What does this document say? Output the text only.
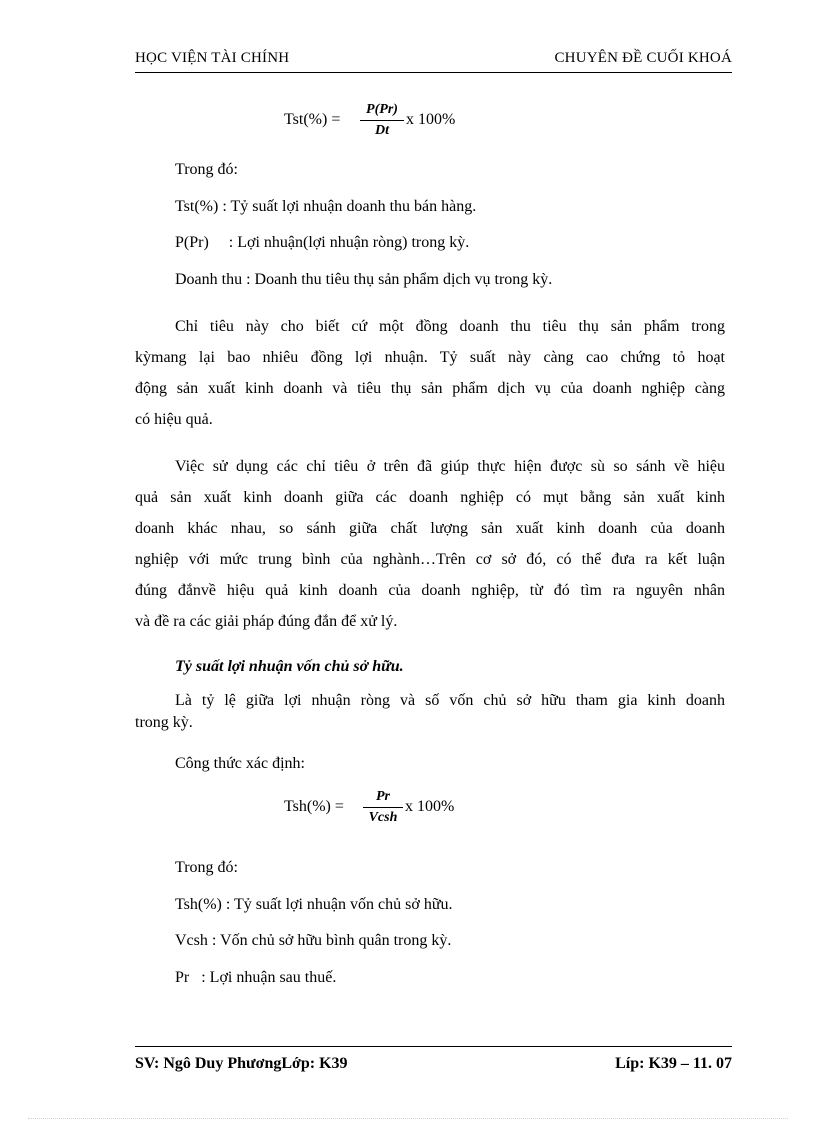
HỌC VIỆN TÀI CHÍNH	CHUYÊN ĐỀ CUỐI KHOÁ
Tst(%) =
P(Pr)
Dt
x 100%
Trong đó:
Tst(%) : Tỷ suất lợi nhuận doanh thu bán hàng.
P(Pr) : Lợi nhuận(lợi nhuận ròng) trong kỳ.
Doanh thu : Doanh thu tiêu thụ sản phẩm dịch vụ trong kỳ.
Chỉ tiêu này cho biết cứ một đồng doanh thu tiêu thụ sản phẩm trong
kỳmang lại bao nhiêu đồng lợi nhuận. Tỷ suất này càng cao chứng tỏ hoạt
động sản xuất kinh doanh và tiêu thụ sản phẩm dịch vụ của doanh nghiệp càng
có hiệu quả.
Việc sử dụng các chỉ tiêu ở trên đã giúp thực hiện được sù so sánh về hiệu
quả sản xuất kinh doanh giữa các doanh nghiệp có mụt bằng sản xuất kinh
doanh khác nhau, so sánh giữa chất lượng sản xuất kinh doanh của doanh
nghiệp với mức trung bình của nghành…Trên cơ sở đó, có thể đưa ra kết luận
đúng đắnvề hiệu quả kinh doanh của doanh nghiệp, từ đó tìm ra nguyên nhân
và đề ra các giải pháp đúng đắn để xử lý.
Tỷ suất lợi nhuận vốn chủ sở hữu.
Là tỷ lệ giữa lợi nhuận ròng và số vốn chủ sở hữu tham gia kinh doanh
trong kỳ.
Công thức xác định:
Tsh(%) =
Pr
Vcsh
x 100%
Trong đó:
Tsh(%) : Tỷ suất lợi nhuận vốn chủ sở hữu.
Vcsh : Vốn chủ sở hữu bình quân trong kỳ.
Pr   : Lợi nhuận sau thuế.
SV: Ngô Duy PhươngLớp: K39	Líp: K39 – 11. 07
